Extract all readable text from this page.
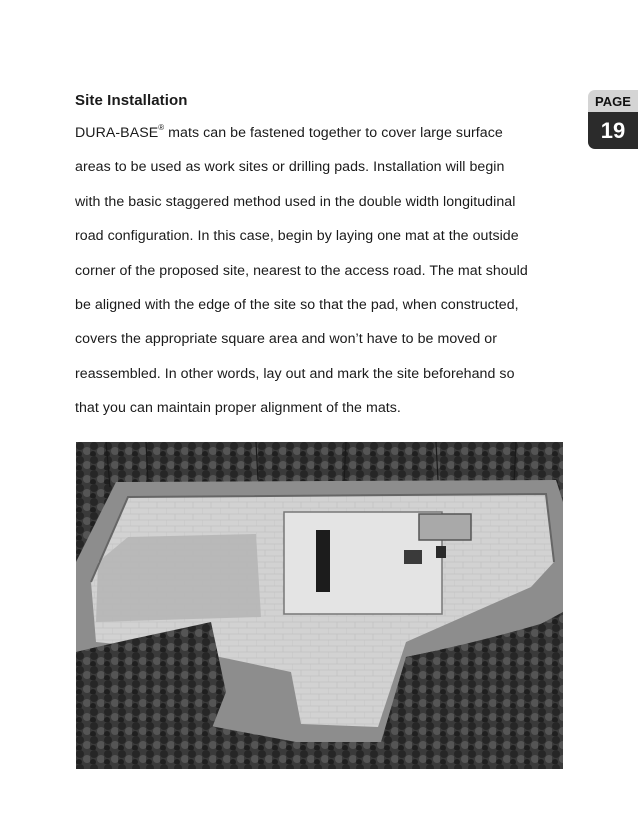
Site Installation
DURA-BASE® mats can be fastened together to cover large surface
areas to be used as work sites or drilling pads. Installation will begin
with the basic staggered method used in the double width longitudinal
road configuration. In this case, begin by laying one mat at the outside
corner of the proposed site, nearest to the access road. The mat should
be aligned with the edge of the site so that the pad, when constructed,
covers the appropriate square area and won’t have to be moved or
reassembled. In other words, lay out and mark the site beforehand so
that you can maintain proper alignment of the mats.
PAGE
19
